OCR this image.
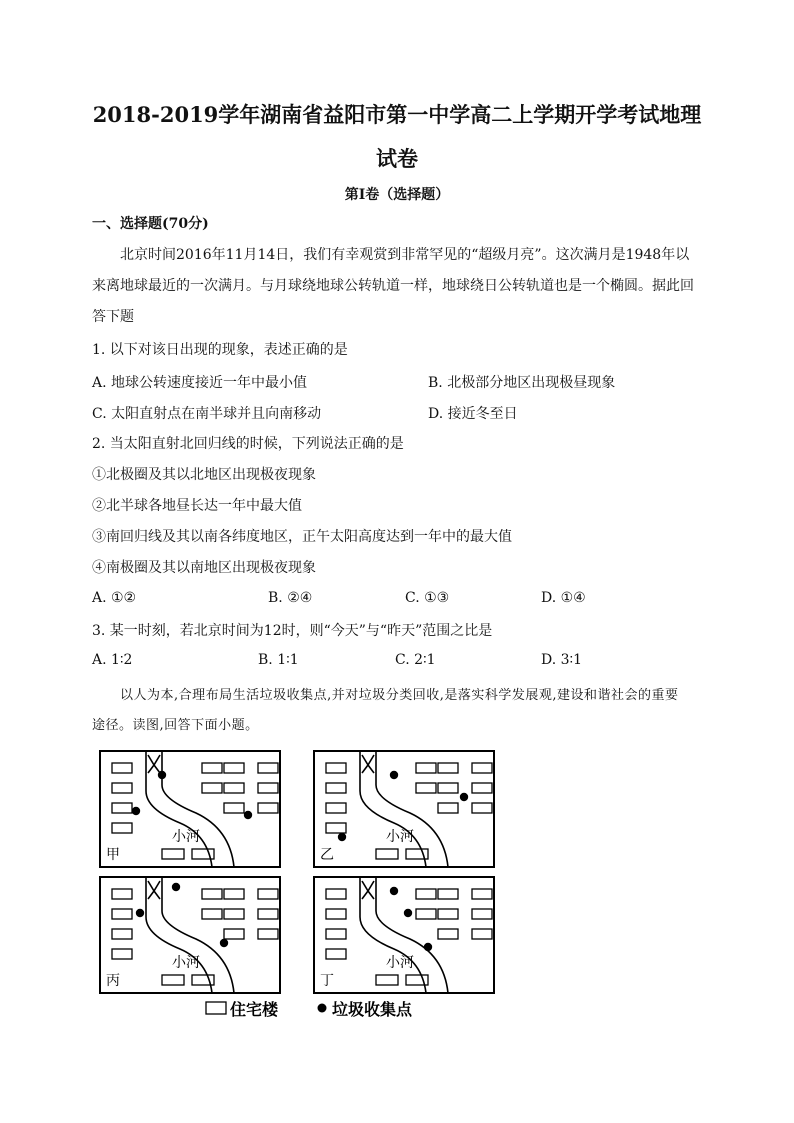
2018-2019学年湖南省益阳市第一中学高二上学期开学考试地理
试卷
第I卷（选择题）
一、选择题(70分)
北京时间2016年11月14日，我们有幸观赏到非常罕见的“超级月亮”。这次满月是1948年以
来离地球最近的一次满月。与月球绕地球公转轨道一样，地球绕日公转轨道也是一个椭圆。据此回
答下题
1. 以下对该日出现的现象，表述正确的是
A. 地球公转速度接近一年中最小值	B. 北极部分地区出现极昼现象
C. 太阳直射点在南半球并且向南移动	D. 接近冬至日
2. 当太阳直射北回归线的时候，下列说法正确的是
①北极圈及其以北地区出现极夜现象
②北半球各地昼长达一年中最大值
③南回归线及其以南各纬度地区，正午太阳高度达到一年中的最大值
④南极圈及其以南地区出现极夜现象
A. ①②	B. ②④	C. ①③	D. ①④
3. 某一时刻，若北京时间为12时，则“今天”与“昨天”范围之比是
A. 1∶2	B. 1∶1	C. 2∶1	D. 3∶1
以人为本,合理布局生活垃圾收集点,并对垃圾分类回收,是落实科学发展观,建设和谐社会的重要
途径。读图,回答下面小题。
小河
甲
小河
乙
小河
丙
小河
丁
住宅楼	垃圾收集点
